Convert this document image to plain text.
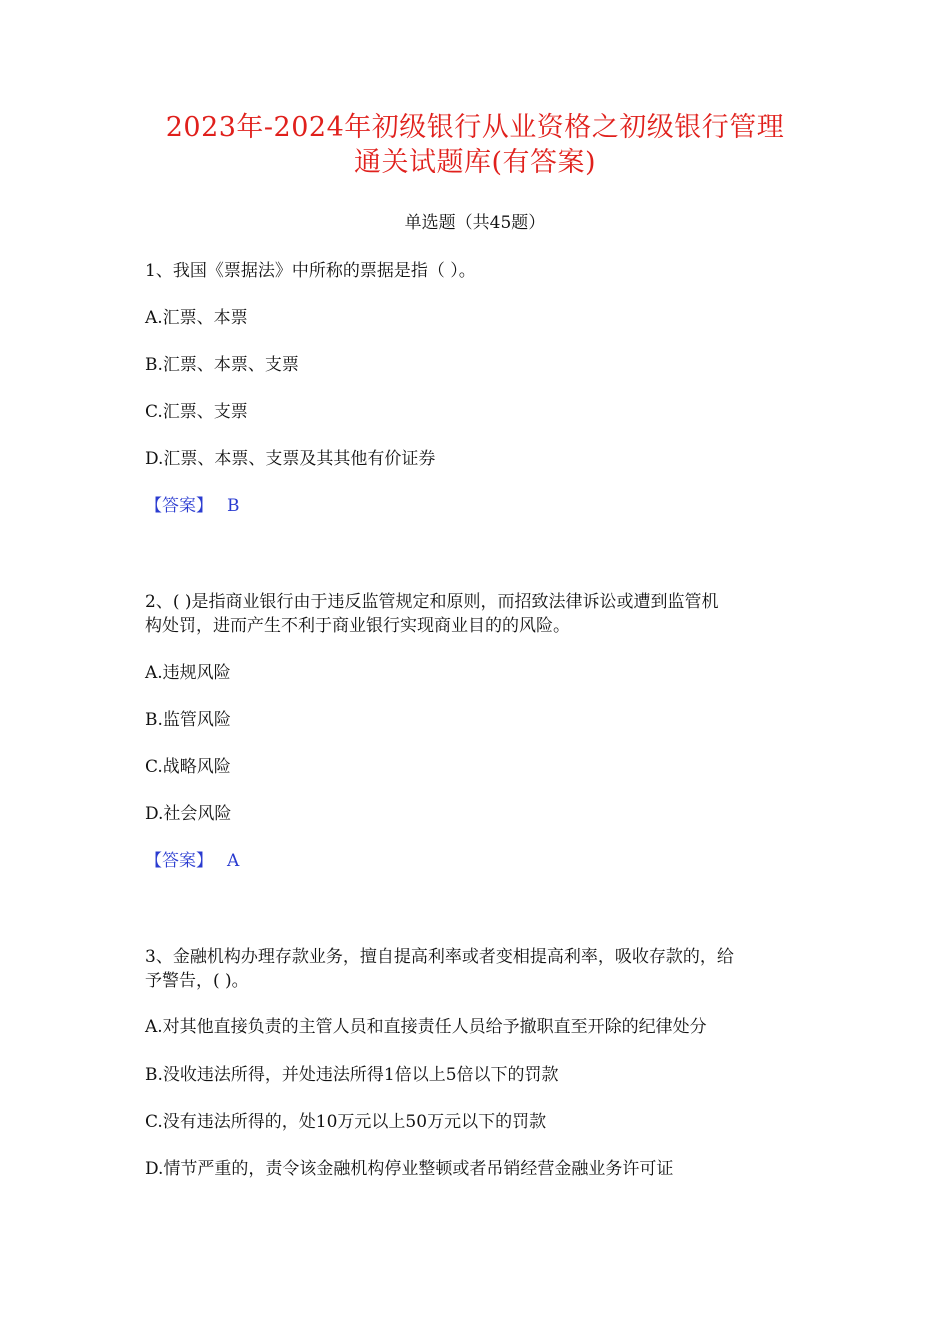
2023年-2024年初级银行从业资格之初级银行管理
通关试题库(有答案)
单选题（共45题）
1、我国《票据法》中所称的票据是指（ ）。
A.汇票、本票
B.汇票、本票、支票
C.汇票、支票
D.汇票、本票、支票及其其他有价证券
【答案】 B
2、( )是指商业银行由于违反监管规定和原则，而招致法律诉讼或遭到监管机
构处罚，进而产生不利于商业银行实现商业目的的风险。
A.违规风险
B.监管风险
C.战略风险
D.社会风险
【答案】 A
3、金融机构办理存款业务，擅自提高利率或者变相提高利率，吸收存款的，给
予警告，( )。
A.对其他直接负责的主管人员和直接责任人员给予撤职直至开除的纪律处分
B.没收违法所得，并处违法所得1倍以上5倍以下的罚款
C.没有违法所得的，处10万元以上50万元以下的罚款
D.情节严重的，责令该金融机构停业整顿或者吊销经营金融业务许可证
